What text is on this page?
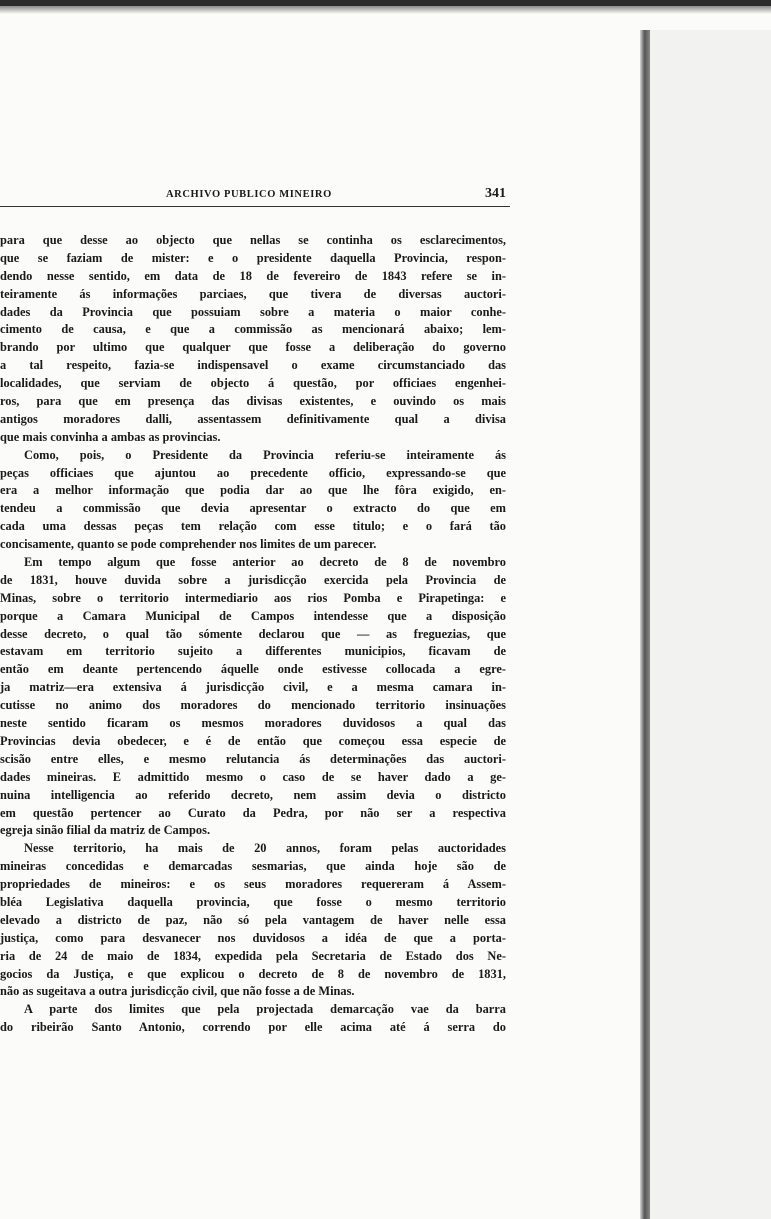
ARCHIVO PUBLICO MINEIRO	341
para que desse ao objecto que nellas se continha os esclarecimentos,
que se faziam de mister: e o presidente daquella Provincia, respon-
dendo nesse sentido, em data de 18 de fevereiro de 1843 refere se in-
teiramente ás informações parciaes, que tivera de diversas auctori-
dades da Provincia que possuiam sobre a materia o maior conhe-
cimento de causa, e que a commissão as mencionará abaixo; lem-
brando por ultimo que qualquer que fosse a deliberação do governo
a tal respeito, fazia-se indispensavel o exame circumstanciado das
localidades, que serviam de objecto á questão, por officiaes engenhei-
ros, para que em presença das divisas existentes, e ouvindo os mais
antigos moradores dalli, assentassem definitivamente qual a divisa
que mais convinha a ambas as provincias.
Como, pois, o Presidente da Provincia referiu-se inteiramente ás
peças officiaes que ajuntou ao precedente officio, expressando-se que
era a melhor informação que podia dar ao que lhe fôra exigido, en-
tendeu a commissão que devia apresentar o extracto do que em
cada uma dessas peças tem relação com esse titulo; e o fará tão
concisamente, quanto se pode comprehender nos limites de um parecer.
Em tempo algum que fosse anterior ao decreto de 8 de novembro
de 1831, houve duvida sobre a jurisdicção exercida pela Provincia de
Minas, sobre o territorio intermediario aos rios Pomba e Pirapetinga: e
porque a Camara Municipal de Campos intendesse que a disposição
desse decreto, o qual tão sómente declarou que — as freguezias, que
estavam em territorio sujeito a differentes municipios, ficavam de
então em deante pertencendo áquelle onde estivesse collocada a egre-
ja matriz—era extensiva á jurisdicção civil, e a mesma camara in-
cutisse no animo dos moradores do mencionado territorio insinuações
neste sentido ficaram os mesmos moradores duvidosos a qual das
Provincias devia obedecer, e é de então que começou essa especie de
scisão entre elles, e mesmo relutancia ás determinações das auctori-
dades mineiras. E admittido mesmo o caso de se haver dado a ge-
nuina intelligencia ao referido decreto, nem assim devia o districto
em questão pertencer ao Curato da Pedra, por não ser a respectiva
egreja sinão filial da matriz de Campos.
Nesse territorio, ha mais de 20 annos, foram pelas auctoridades
mineiras concedidas e demarcadas sesmarias, que ainda hoje são de
propriedades de mineiros: e os seus moradores requereram á Assem-
bléa Legislativa daquella provincia, que fosse o mesmo territorio
elevado a districto de paz, não só pela vantagem de haver nelle essa
justiça, como para desvanecer nos duvidosos a idéa de que a porta-
ria de 24 de maio de 1834, expedida pela Secretaria de Estado dos Ne-
gocios da Justiça, e que explicou o decreto de 8 de novembro de 1831,
não as sugeitava a outra jurisdicção civil, que não fosse a de Minas.
A parte dos limites que pela projectada demarcação vae da barra
do ribeirão Santo Antonio, correndo por elle acima até á serra do
